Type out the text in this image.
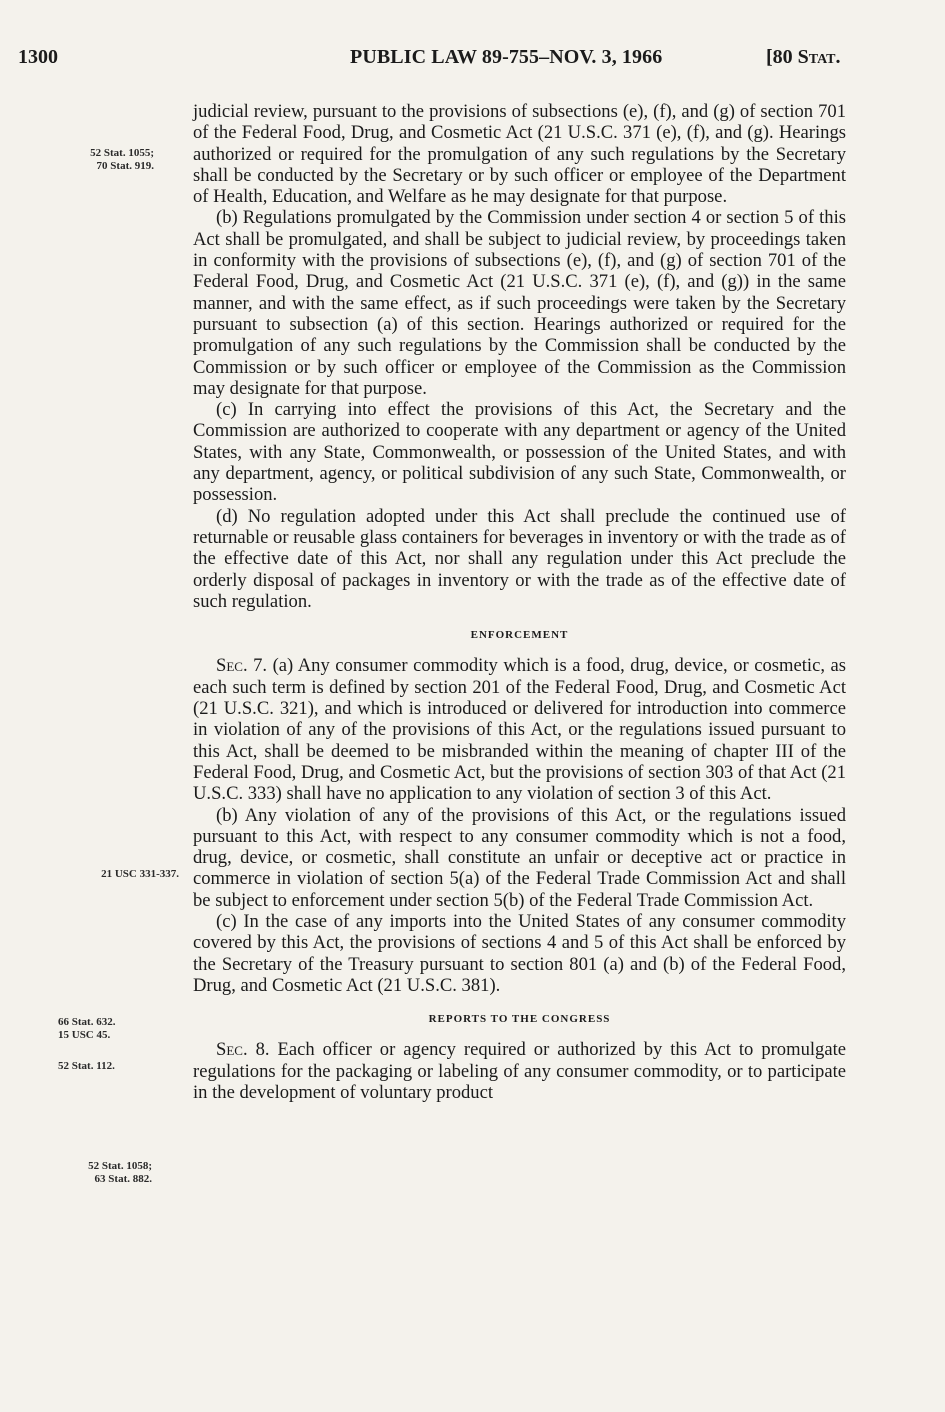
1300	PUBLIC LAW 89-755–NOV. 3, 1966	[80 Stat.
52 Stat. 1055;
70 Stat. 919.
21 USC 331-337.
66 Stat. 632.
15 USC 45.
52 Stat. 112.
52 Stat. 1058;
63 Stat. 882.

judicial review, pursuant to the provisions of subsections (e), (f), and (g) of section 701 of the Federal Food, Drug, and Cosmetic Act (21 U.S.C. 371 (e), (f), and (g). Hearings authorized or required for the promulgation of any such regulations by the Secretary shall be conducted by the Secretary or by such officer or employee of the Department of Health, Education, and Welfare as he may designate for that purpose.

(b) Regulations promulgated by the Commission under section 4 or section 5 of this Act shall be promulgated, and shall be subject to judicial review, by proceedings taken in conformity with the provisions of subsections (e), (f), and (g) of section 701 of the Federal Food, Drug, and Cosmetic Act (21 U.S.C. 371 (e), (f), and (g)) in the same manner, and with the same effect, as if such proceedings were taken by the Secretary pursuant to subsection (a) of this section. Hearings authorized or required for the promulgation of any such regulations by the Commission shall be conducted by the Commission or by such officer or employee of the Commission as the Commission may designate for that purpose.

(c) In carrying into effect the provisions of this Act, the Secretary and the Commission are authorized to cooperate with any department or agency of the United States, with any State, Commonwealth, or possession of the United States, and with any department, agency, or political subdivision of any such State, Commonwealth, or possession.

(d) No regulation adopted under this Act shall preclude the continued use of returnable or reusable glass containers for beverages in inventory or with the trade as of the effective date of this Act, nor shall any regulation under this Act preclude the orderly disposal of packages in inventory or with the trade as of the effective date of such regulation.

ENFORCEMENT

Sec. 7. (a) Any consumer commodity which is a food, drug, device, or cosmetic, as each such term is defined by section 201 of the Federal Food, Drug, and Cosmetic Act (21 U.S.C. 321), and which is introduced or delivered for introduction into commerce in violation of any of the provisions of this Act, or the regulations issued pursuant to this Act, shall be deemed to be misbranded within the meaning of chapter III of the Federal Food, Drug, and Cosmetic Act, but the provisions of section 303 of that Act (21 U.S.C. 333) shall have no application to any violation of section 3 of this Act.

(b) Any violation of any of the provisions of this Act, or the regulations issued pursuant to this Act, with respect to any consumer commodity which is not a food, drug, device, or cosmetic, shall constitute an unfair or deceptive act or practice in commerce in violation of section 5(a) of the Federal Trade Commission Act and shall be subject to enforcement under section 5(b) of the Federal Trade Commission Act.

(c) In the case of any imports into the United States of any consumer commodity covered by this Act, the provisions of sections 4 and 5 of this Act shall be enforced by the Secretary of the Treasury pursuant to section 801 (a) and (b) of the Federal Food, Drug, and Cosmetic Act (21 U.S.C. 381).

REPORTS TO THE CONGRESS

Sec. 8. Each officer or agency required or authorized by this Act to promulgate regulations for the packaging or labeling of any consumer commodity, or to participate in the development of voluntary product
